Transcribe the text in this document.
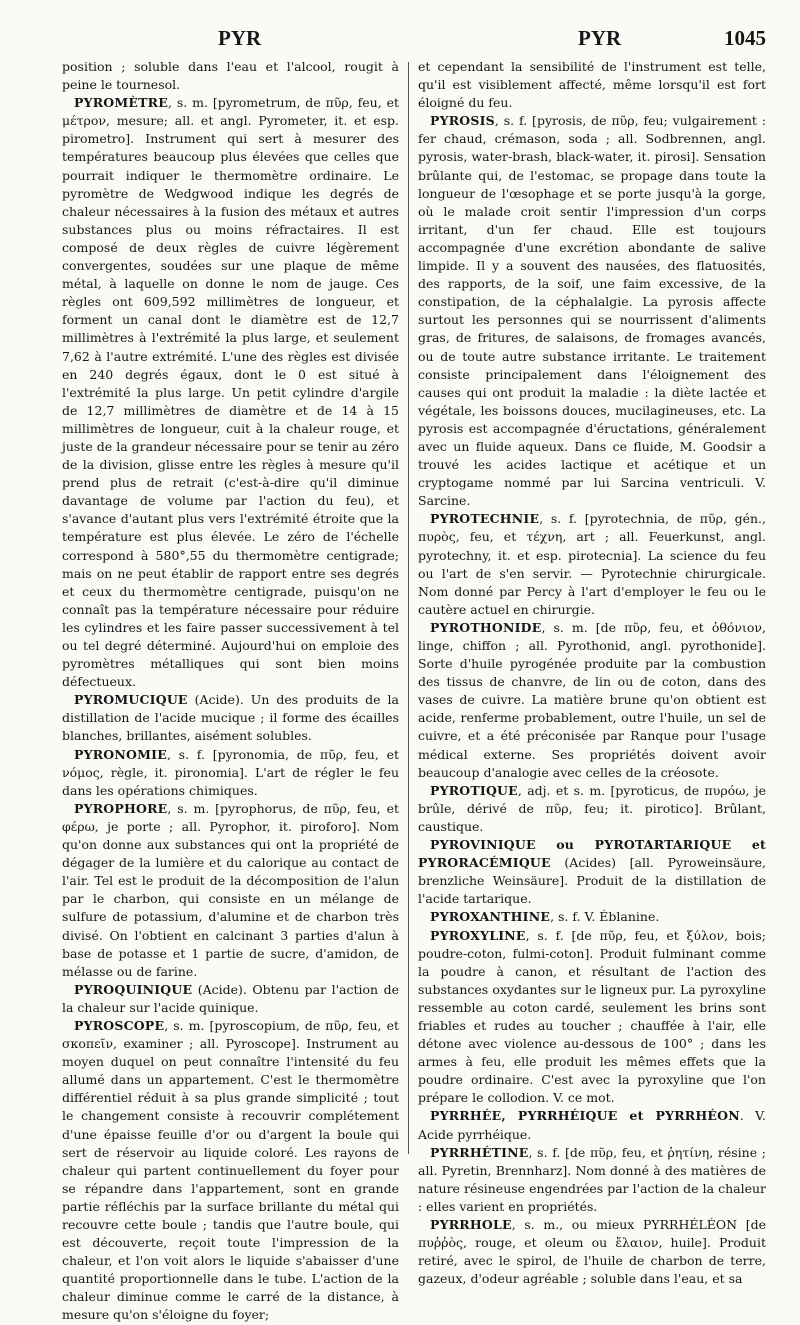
PYR	PYR	1045

position ; soluble dans l'eau et l'alcool, rougit à peine le tournesol.

PYROMÈTRE, s. m. [pyrometrum, de πῦρ, feu, et μέτρον, mesure; all. et angl. Pyrometer, it. et esp. pirometro]. Instrument qui sert à mesurer des températures beaucoup plus élevées que celles que pourrait indiquer le thermomètre ordinaire. Le pyromètre de Wedgwood indique les degrés de chaleur nécessaires à la fusion des métaux et autres substances plus ou moins réfractaires. Il est composé de deux règles de cuivre légèrement convergentes, soudées sur une plaque de même métal, à laquelle on donne le nom de jauge. Ces règles ont 609,592 millimètres de longueur, et forment un canal dont le diamètre est de 12,7 millimètres à l'extrémité la plus large, et seulement 7,62 à l'autre extrémité. L'une des règles est divisée en 240 degrés égaux, dont le 0 est situé à l'extrémité la plus large. Un petit cylindre d'argile de 12,7 millimètres de diamètre et de 14 à 15 millimètres de longueur, cuit à la chaleur rouge, et juste de la grandeur nécessaire pour se tenir au zéro de la division, glisse entre les règles à mesure qu'il prend plus de retrait (c'est-à-dire qu'il diminue davantage de volume par l'action du feu), et s'avance d'autant plus vers l'extrémité étroite que la température est plus élevée. Le zéro de l'échelle correspond à 580°,55 du thermomètre centigrade; mais on ne peut établir de rapport entre ses degrés et ceux du thermomètre centigrade, puisqu'on ne connaît pas la température nécessaire pour réduire les cylindres et les faire passer successivement à tel ou tel degré déterminé. Aujourd'hui on emploie des pyromètres métalliques qui sont bien moins défectueux.

PYROMUCIQUE (Acide). Un des produits de la distillation de l'acide mucique ; il forme des écailles blanches, brillantes, aisément solubles.

PYRONOMIE, s. f. [pyronomia, de πῦρ, feu, et νόμος, règle, it. pironomia]. L'art de régler le feu dans les opérations chimiques.

PYROPHORE, s. m. [pyrophorus, de πῦρ, feu, et φέρω, je porte ; all. Pyrophor, it. piroforo]. Nom qu'on donne aux substances qui ont la propriété de dégager de la lumière et du calorique au contact de l'air. Tel est le produit de la décomposition de l'alun par le charbon, qui consiste en un mélange de sulfure de potassium, d'alumine et de charbon très divisé. On l'obtient en calcinant 3 parties d'alun à base de potasse et 1 partie de sucre, d'amidon, de mélasse ou de farine.

PYROQUINIQUE (Acide). Obtenu par l'action de la chaleur sur l'acide quinique.

PYROSCOPE, s. m. [pyroscopium, de πῦρ, feu, et σκοπεῖν, examiner ; all. Pyroscope]. Instrument au moyen duquel on peut connaître l'intensité du feu allumé dans un appartement. C'est le thermomètre différentiel réduit à sa plus grande simplicité ; tout le changement consiste à recouvrir complétement d'une épaisse feuille d'or ou d'argent la boule qui sert de réservoir au liquide coloré. Les rayons de chaleur qui partent continuellement du foyer pour se répandre dans l'appartement, sont en grande partie réfléchis par la surface brillante du métal qui recouvre cette boule ; tandis que l'autre boule, qui est découverte, reçoit toute l'impression de la chaleur, et l'on voit alors le liquide s'abaisser d'une quantité proportionnelle dans le tube. L'action de la chaleur diminue comme le carré de la distance, à mesure qu'on s'éloigne du foyer;

et cependant la sensibilité de l'instrument est telle, qu'il est visiblement affecté, même lorsqu'il est fort éloigné du feu.

PYROSIS, s. f. [pyrosis, de πῦρ, feu; vulgairement : fer chaud, crémason, soda ; all. Sodbrennen, angl. pyrosis, water-brash, black-water, it. pirosi]. Sensation brûlante qui, de l'estomac, se propage dans toute la longueur de l'œsophage et se porte jusqu'à la gorge, où le malade croit sentir l'impression d'un corps irritant, d'un fer chaud. Elle est toujours accompagnée d'une excrétion abondante de salive limpide. Il y a souvent des nausées, des flatuosités, des rapports, de la soif, une faim excessive, de la constipation, de la céphalalgie. La pyrosis affecte surtout les personnes qui se nourrissent d'aliments gras, de fritures, de salaisons, de fromages avancés, ou de toute autre substance irritante. Le traitement consiste principalement dans l'éloignement des causes qui ont produit la maladie : la diète lactée et végétale, les boissons douces, mucilagineuses, etc. La pyrosis est accompagnée d'éructations, généralement avec un fluide aqueux. Dans ce fluide, M. Goodsir a trouvé les acides lactique et acétique et un cryptogame nommé par lui Sarcina ventriculi. V. Sarcine.

PYROTECHNIE, s. f. [pyrotechnia, de πῦρ, gén., πυρὸς, feu, et τέχνη, art ; all. Feuerkunst, angl. pyrotechny, it. et esp. pirotecnia]. La science du feu ou l'art de s'en servir. — Pyrotechnie chirurgicale. Nom donné par Percy à l'art d'employer le feu ou le cautère actuel en chirurgie.

PYROTHONIDE, s. m. [de πῦρ, feu, et ὀθόνιον, linge, chiffon ; all. Pyrothonid, angl. pyrothonide]. Sorte d'huile pyrogénée produite par la combustion des tissus de chanvre, de lin ou de coton, dans des vases de cuivre. La matière brune qu'on obtient est acide, renferme probablement, outre l'huile, un sel de cuivre, et a été préconisée par Ranque pour l'usage médical externe. Ses propriétés doivent avoir beaucoup d'analogie avec celles de la créosote.

PYROTIQUE, adj. et s. m. [pyroticus, de πυρόω, je brûle, dérivé de πῦρ, feu; it. pirotico]. Brûlant, caustique.

PYROVINIQUE ou PYROTARTARIQUE et PYRORACÉMIQUE (Acides) [all. Pyroweinsäure, brenzliche Weinsäure]. Produit de la distillation de l'acide tartarique.

PYROXANTHINE, s. f. V. Éblanine.

PYROXYLINE, s. f. [de πῦρ, feu, et ξύλον, bois; poudre-coton, fulmi-coton]. Produit fulminant comme la poudre à canon, et résultant de l'action des substances oxydantes sur le ligneux pur. La pyroxyline ressemble au coton cardé, seulement les brins sont friables et rudes au toucher ; chauffée à l'air, elle détone avec violence au-dessous de 100° ; dans les armes à feu, elle produit les mêmes effets que la poudre ordinaire. C'est avec la pyroxyline que l'on prépare le collodion. V. ce mot.

PYRRHÉE, PYRRHÉIQUE et PYRRHÉON. V. Acide pyrrhéique.

PYRRHÉTINE, s. f. [de πῦρ, feu, et ῥητίνη, résine ; all. Pyretin, Brennharz]. Nom donné à des matières de nature résineuse engendrées par l'action de la chaleur : elles varient en propriétés.

PYRRHOLE, s. m., ou mieux PYRRHÉLÉON [de πυῤῥὸς, rouge, et oleum ou ἔλαιον, huile]. Produit retiré, avec le spirol, de l'huile de charbon de terre, gazeux, d'odeur agréable ; soluble dans l'eau, et sa
